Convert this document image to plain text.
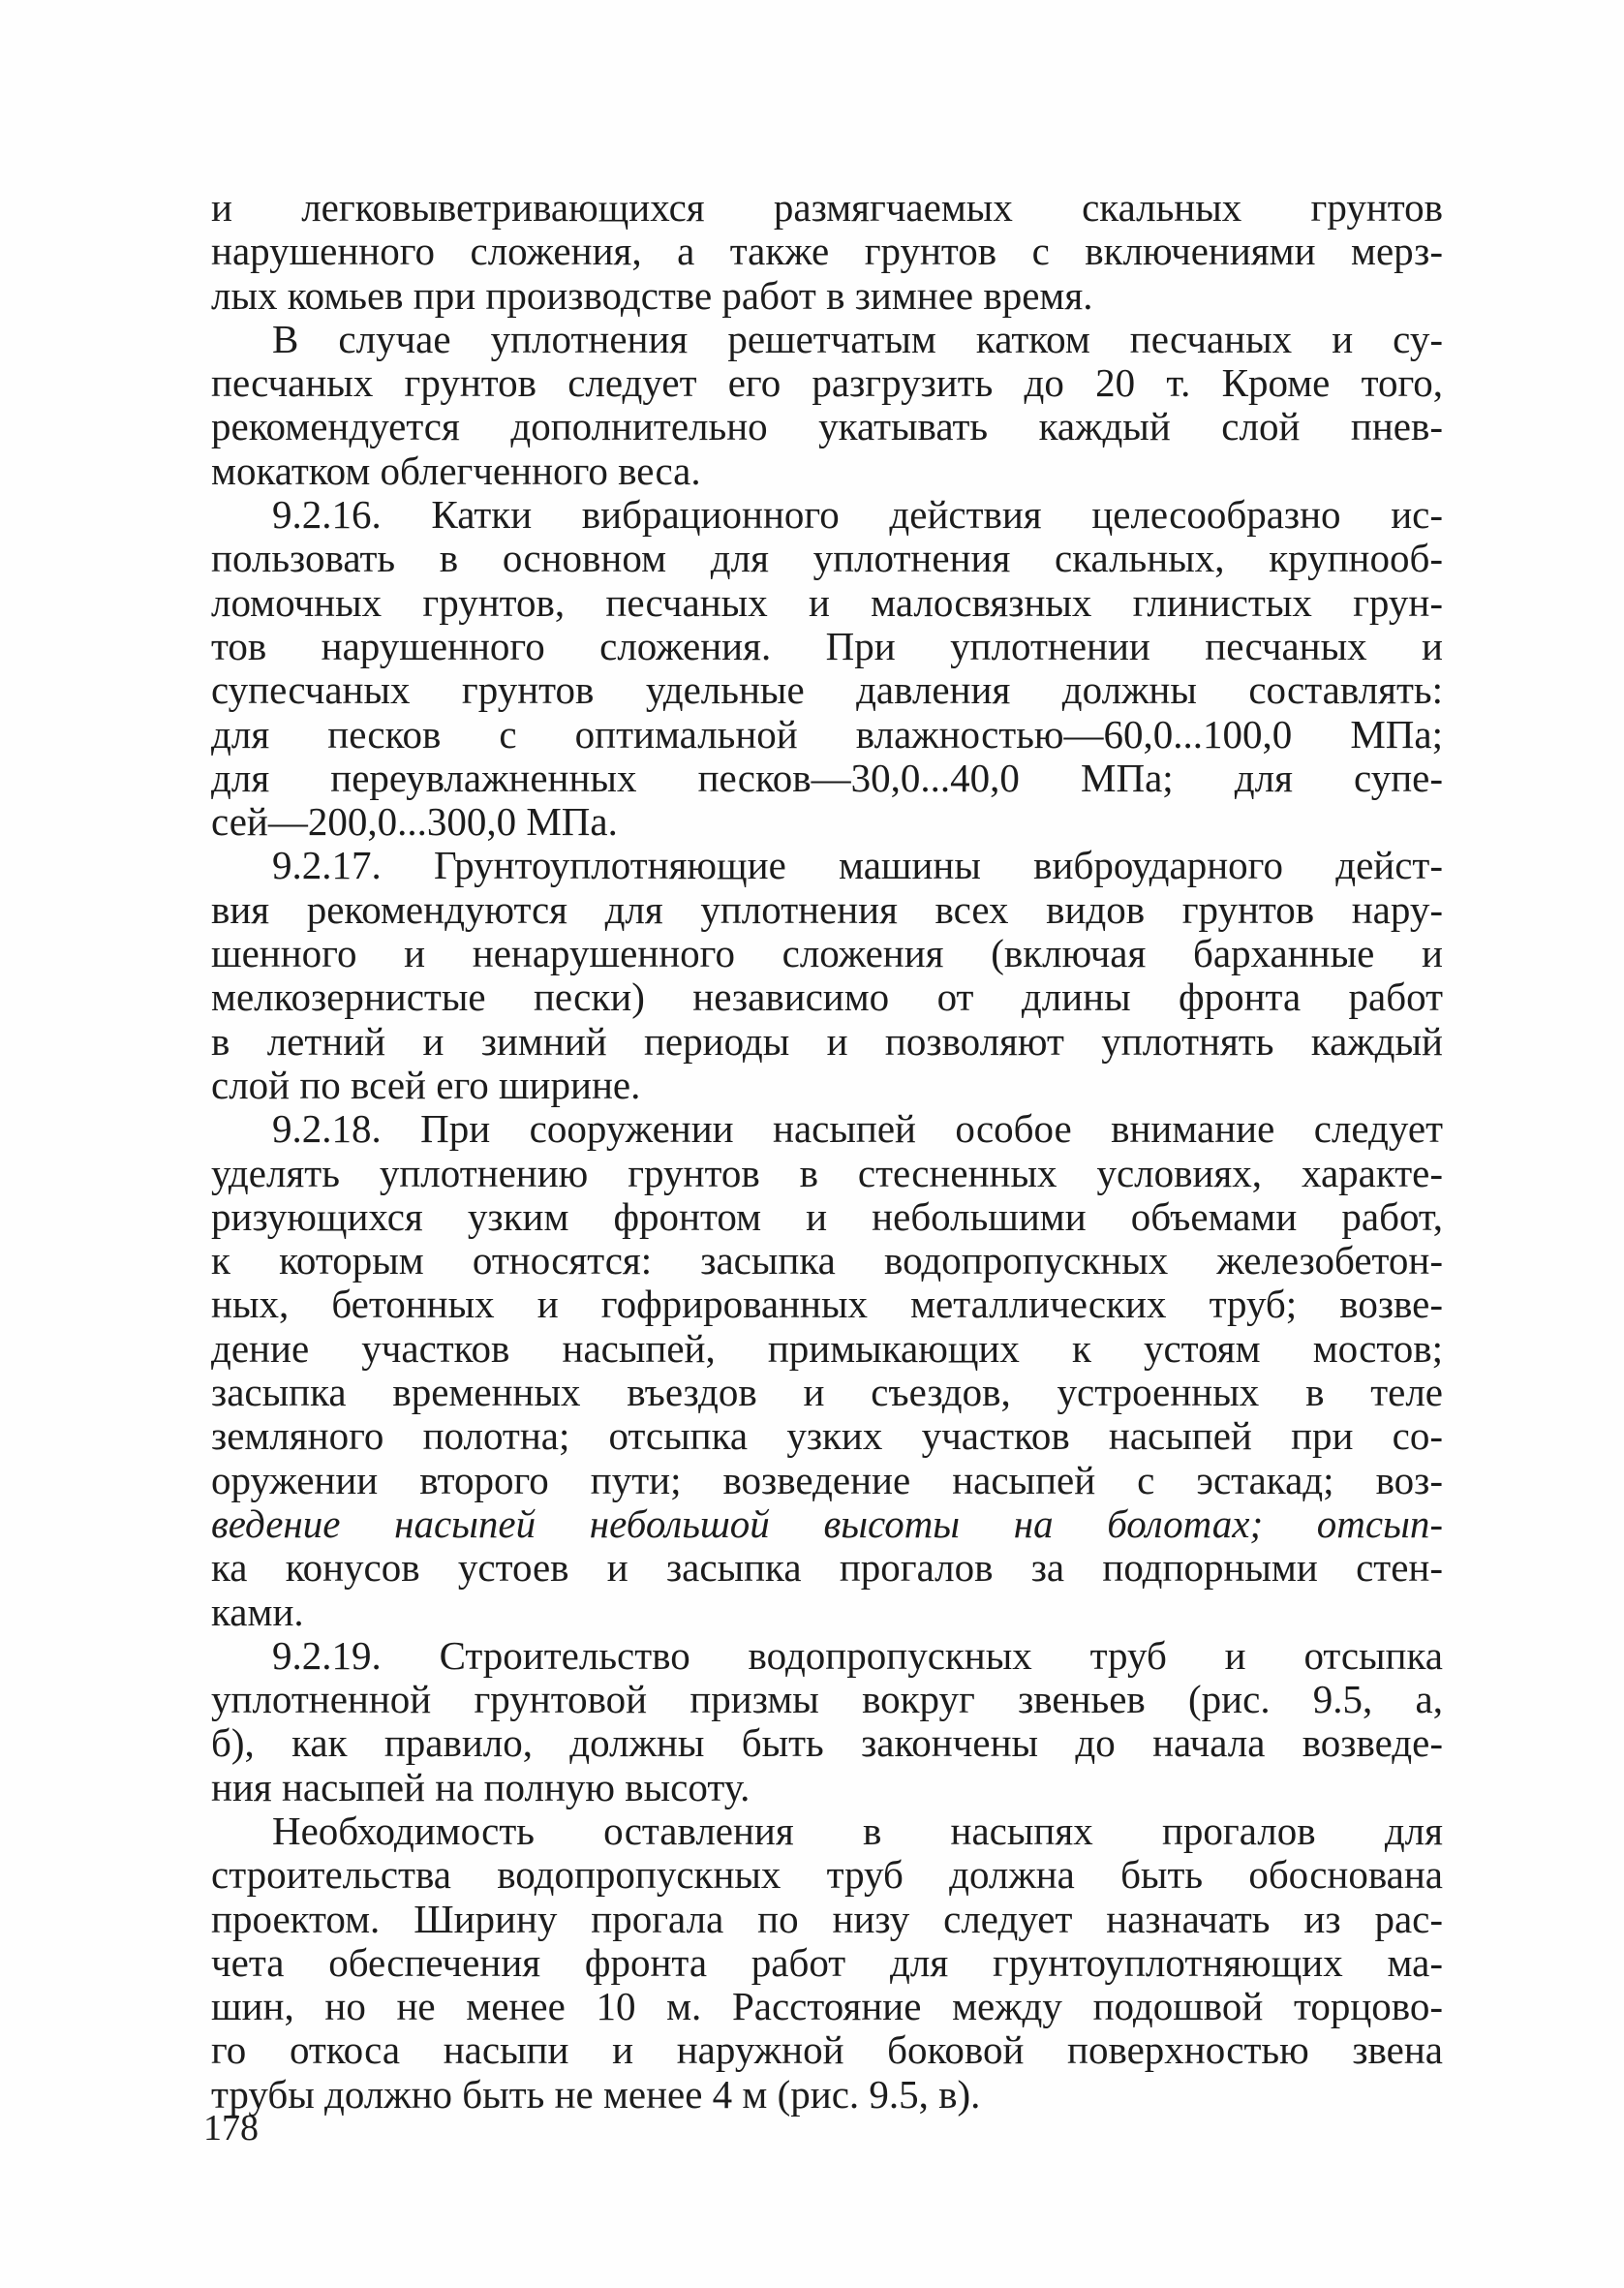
и легковыветривающихся размягчаемых скальных грунтов
нарушенного сложения, а также грунтов с включениями мерз-
лых комьев при производстве работ в зимнее время.
В случае уплотнения решетчатым катком песчаных и су-
песчаных грунтов следует его разгрузить до 20 т. Кроме того,
рекомендуется дополнительно укатывать каждый слой пнев-
мокатком облегченного веса.
9.2.16. Катки вибрационного действия целесообразно ис-
пользовать в основном для уплотнения скальных, крупнооб-
ломочных грунтов, песчаных и малосвязных глинистых грун-
тов нарушенного сложения. При уплотнении песчаных и
супесчаных грунтов удельные давления должны составлять:
для песков с оптимальной влажностью—60,0...100,0 МПа;
для переувлажненных песков—30,0...40,0 МПа; для супе-
сей—200,0...300,0 МПа.
9.2.17. Грунтоуплотняющие машины виброударного дейст-
вия рекомендуются для уплотнения всех видов грунтов нару-
шенного и ненарушенного сложения (включая барханные и
мелкозернистые пески) независимо от длины фронта работ
в летний и зимний периоды и позволяют уплотнять каждый
слой по всей его ширине.
9.2.18. При сооружении насыпей особое внимание следует
уделять уплотнению грунтов в стесненных условиях, характе-
ризующихся узким фронтом и небольшими объемами работ,
к которым относятся: засыпка водопропускных железобетон-
ных, бетонных и гофрированных металлических труб; возве-
дение участков насыпей, примыкающих к устоям мостов;
засыпка временных въездов и съездов, устроенных в теле
земляного полотна; отсыпка узких участков насыпей при со-
оружении второго пути; возведение насыпей с эстакад; воз-
ведение насыпей небольшой высоты на болотах; отсып-
ка конусов устоев и засыпка прогалов за подпорными стен-
ками.
9.2.19. Строительство водопропускных труб и отсыпка
уплотненной грунтовой призмы вокруг звеньев (рис. 9.5, а,
б), как правило, должны быть закончены до начала возведе-
ния насыпей на полную высоту.
Необходимость оставления в насыпях прогалов для
строительства водопропускных труб должна быть обоснована
проектом. Ширину прогала по низу следует назначать из рас-
чета обеспечения фронта работ для грунтоуплотняющих ма-
шин, но не менее 10 м. Расстояние между подошвой торцово-
го откоса насыпи и наружной боковой поверхностью звена
трубы должно быть не менее 4 м (рис. 9.5, в).
178
